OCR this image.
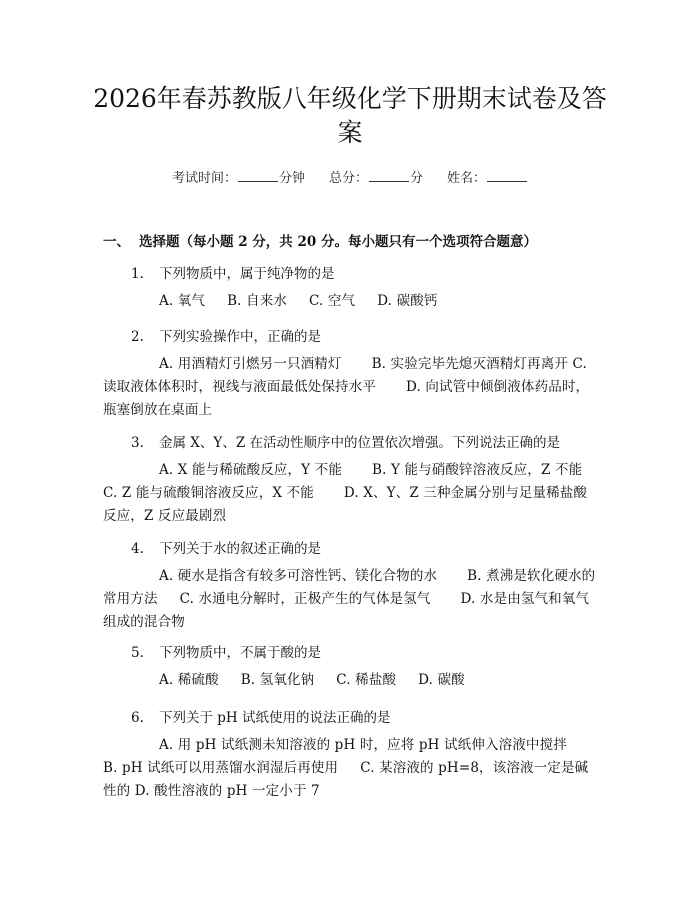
2026年春苏教版八年级化学下册期末试卷及答案
考试时间：	分钟 总分：	分 姓名：
一、 选择题（每小题 2 分，共 20 分。每小题只有一个选项符合题意）
1. 下列物质中，属于纯净物的是
A. 氧气 B. 自来水 C. 空气 D. 碳酸钙
2. 下列实验操作中，正确的是
A. 用酒精灯引燃另一只酒精灯 B. 实验完毕先熄灭酒精灯再离开 C. 读取液体体积时，视线与液面最低处保持水平 D. 向试管中倾倒液体药品时，瓶塞倒放在桌面上
3. 金属 X、Y、Z 在活动性顺序中的位置依次增强。下列说法正确的是
A. X 能与稀硫酸反应，Y 不能 B. Y 能与硝酸锌溶液反应，Z 不能 C. Z 能与硫酸铜溶液反应，X 不能 D. X、Y、Z 三种金属分别与足量稀盐酸反应，Z 反应最剧烈
4. 下列关于水的叙述正确的是
A. 硬水是指含有较多可溶性钙、镁化合物的水 B. 煮沸是软化硬水的常用方法 C. 水通电分解时，正极产生的气体是氢气 D. 水是由氢气和氧气组成的混合物
5. 下列物质中，不属于酸的是
A. 稀硫酸 B. 氢氧化钠 C. 稀盐酸 D. 碳酸
6. 下列关于 pH 试纸使用的说法正确的是
A. 用 pH 试纸测未知溶液的 pH 时，应将 pH 试纸伸入溶液中搅拌B. pH 试纸可以用蒸馏水润湿后再使用 C. 某溶液的 pH=8，该溶液一定是碱性的 D. 酸性溶液的 pH 一定小于 7
